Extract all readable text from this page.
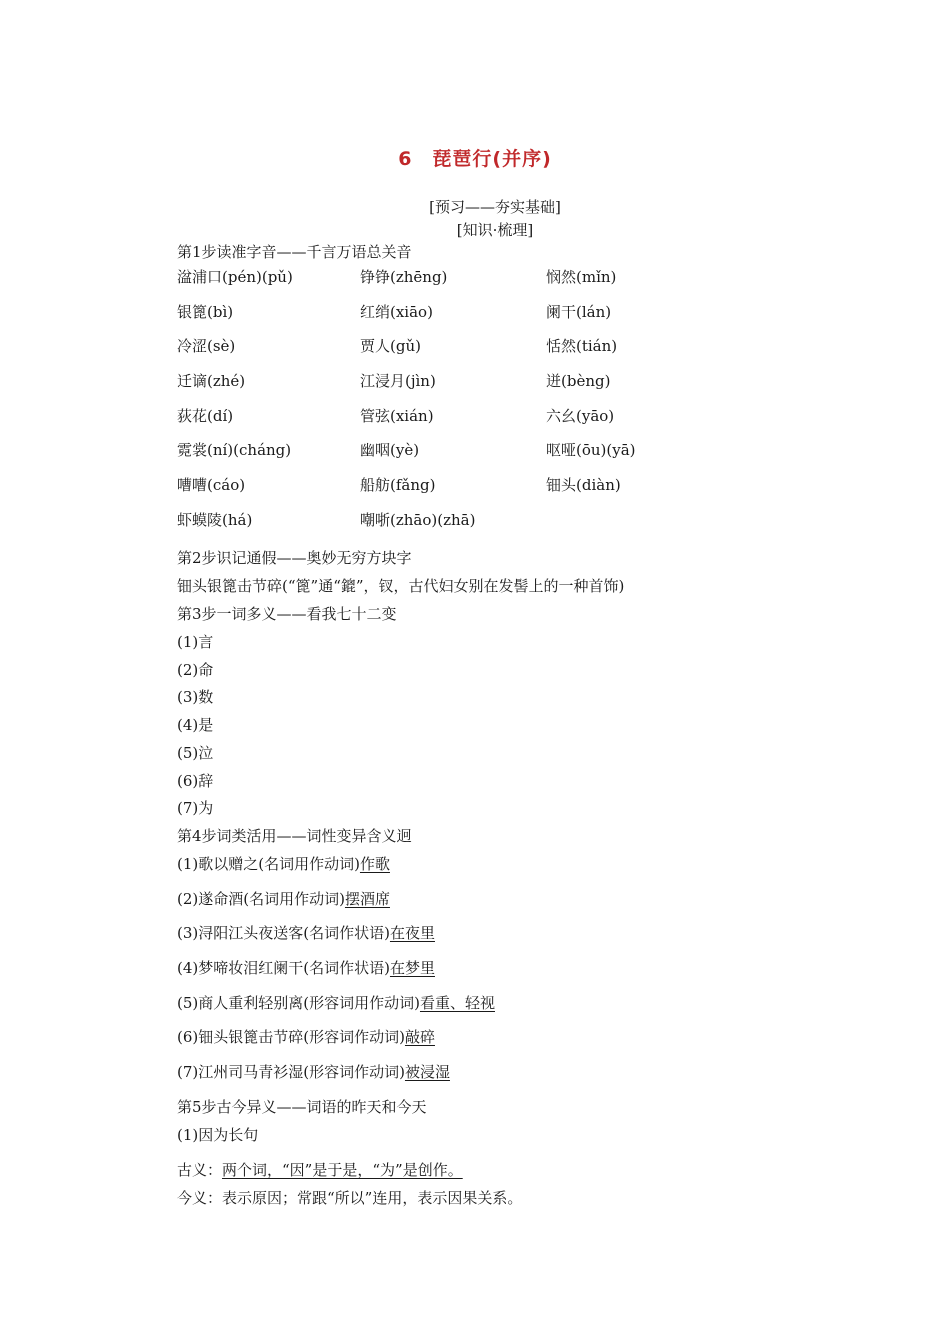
6　琵琶行(并序)
[预习——夯实基础]
[知识·梳理]
第1步读准字音——千言万语总关音
湓浦口(pén)(pǔ)	铮铮(zhēng)	悯然(mǐn)
银篦(bì)	红绡(xiāo)	阑干(lán)
冷涩(sè)	贾人(gǔ)	恬然(tián)
迁谪(zhé)	江浸月(jìn)	迸(bèng)
荻花(dí)	管弦(xián)	六幺(yāo)
霓裳(ní)(cháng)	幽咽(yè)	呕哑(ōu)(yā)
嘈嘈(cáo)	船舫(fǎng)	钿头(diàn)
虾蟆陵(há)	嘲哳(zhāo)(zhā)
第2步识记通假——奥妙无穷方块字
钿头银篦击节碎(“篦”通“鎞”，钗，古代妇女别在发髻上的一种首饰)
第3步一词多义——看我七十二变
(1)言
(2)命
(3)数
(4)是
(5)泣
(6)辞
(7)为
第4步词类活用——词性变异含义迥
(1)歌以赠之(名词用作动词)作歌
(2)遂命酒(名词用作动词)摆酒席
(3)浔阳江头夜送客(名词作状语)在夜里
(4)梦啼妆泪红阑干(名词作状语)在梦里
(5)商人重利轻别离(形容词用作动词)看重、轻视
(6)钿头银篦击节碎(形容词作动词)敲碎
(7)江州司马青衫湿(形容词作动词)被浸湿
第5步古今异义——词语的昨天和今天
(1)因为长句
古义：两个词，“因”是于是，“为”是创作。
今义：表示原因；常跟“所以”连用，表示因果关系。
